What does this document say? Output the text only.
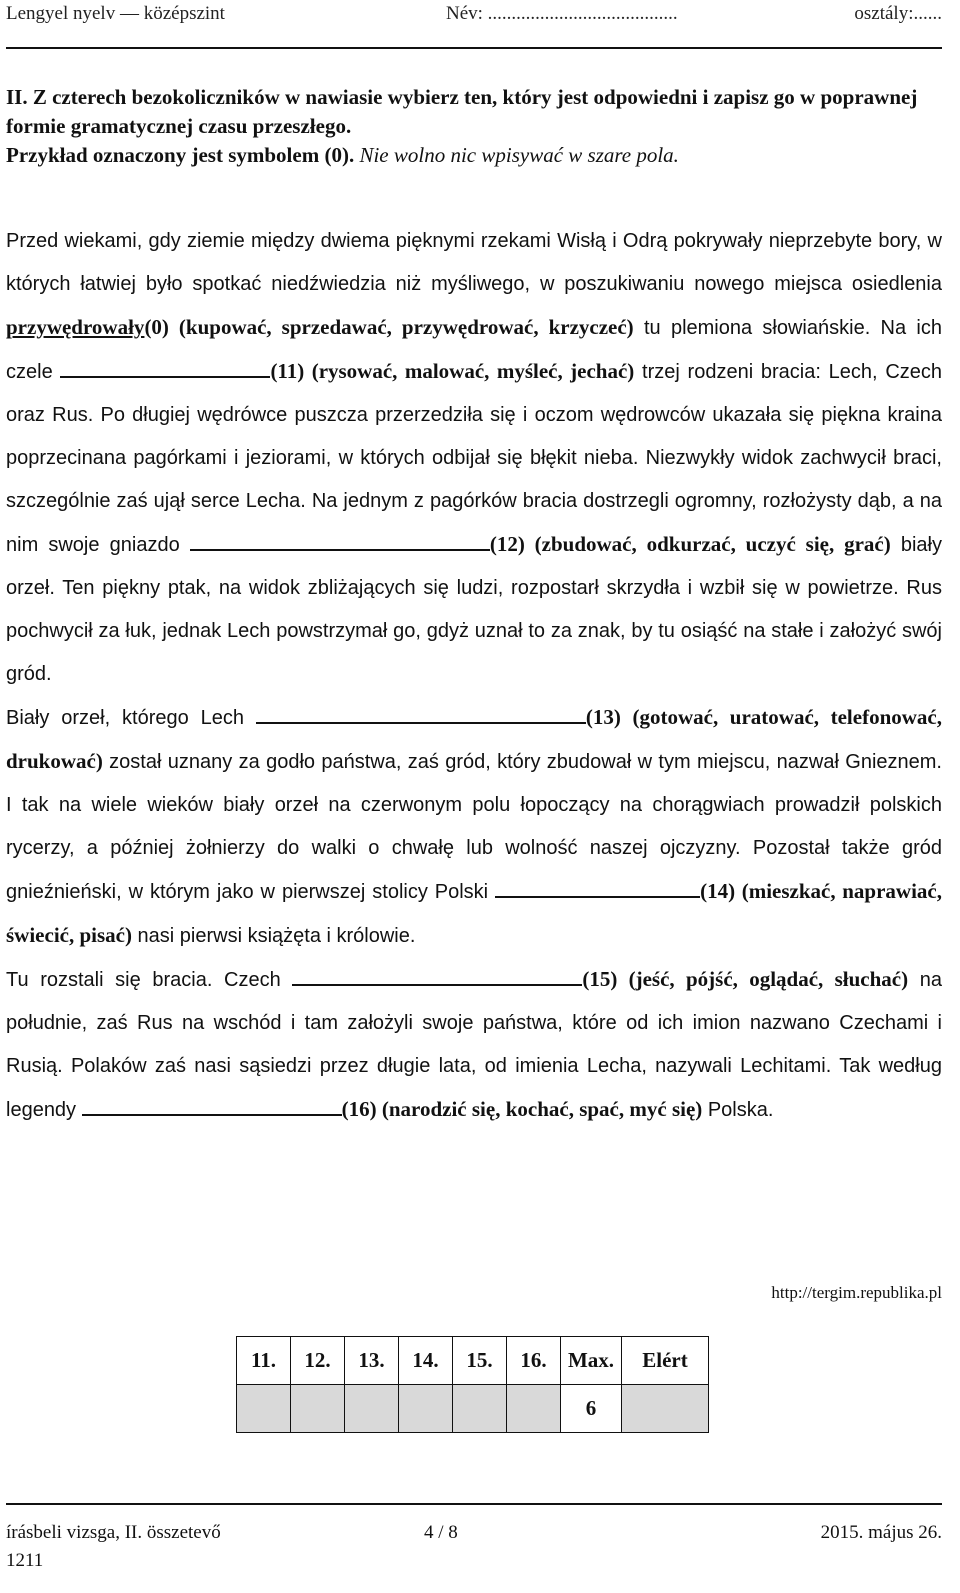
Lengyel nyelv — középszint	Név: ........................................	osztály:......
II. Z czterech bezokoliczników w nawiasie wybierz ten, który jest odpowiedni i zapisz go w poprawnej formie gramatycznej czasu przeszłego.
Przykład oznaczony jest symbolem (0). Nie wolno nic wpisywać w szare pola.

Przed wiekami, gdy ziemie między dwiema pięknymi rzekami Wisłą i Odrą pokrywały nieprzebyte bory, w których łatwiej było spotkać niedźwiedzia niż myśliwego, w poszukiwaniu nowego miejsca osiedlenia przywędrowały(0) (kupować, sprzedawać, przywędrować, krzyczeć) tu plemiona słowiańskie. Na ich czele	(11) (rysować, malować, myśleć, jechać) trzej rodzeni bracia: Lech, Czech oraz Rus. Po długiej wędrówce puszcza przerzedziła się i oczom wędrowców ukazała się piękna kraina poprzecinana pagórkami i jeziorami, w których odbijał się błękit nieba. Niezwykły widok zachwycił braci, szczególnie zaś ujął serce Lecha. Na jednym z pagórków bracia dostrzegli ogromny, rozłożysty dąb, a na nim swoje gniazdo	(12) (zbudować, odkurzać, uczyć się, grać) biały orzeł. Ten piękny ptak, na widok zbliżających się ludzi, rozpostarł skrzydła i wzbił się w powietrze. Rus pochwycił za łuk, jednak Lech powstrzymał go, gdyż uznał to za znak, by tu osiąść na stałe i założyć swój gród.

Biały orzeł, którego Lech	(13) (gotować, uratować, telefonować, drukować) został uznany za godło państwa, zaś gród, który zbudował w tym miejscu, nazwał Gnieznem. I tak na wiele wieków biały orzeł na czerwonym polu łopoczący na chorągwiach prowadził polskich rycerzy, a później żołnierzy do walki o chwałę lub wolność naszej ojczyzny. Pozostał także gród gnieźnieński, w którym jako w pierwszej stolicy Polski	(14) (mieszkać, naprawiać, świecić, pisać) nasi pierwsi książęta i królowie.

Tu rozstali się bracia. Czech	(15) (jeść, pójść, oglądać, słuchać) na południe, zaś Rus na wschód i tam założyli swoje państwa, które od ich imion nazwano Czechami i Rusią. Polaków zaś nasi sąsiedzi przez długie lata, od imienia Lecha, nazywali Lechitami. Tak według legendy	(16) (narodzić się, kochać, spać, myć się) Polska.

http://tergim.republika.pl
11.	12.	13.	14.	15.	16.	Max.	Elért
						6	
írásbeli vizsga, II. összetevő	4 / 8	2015. május 26.
1211
